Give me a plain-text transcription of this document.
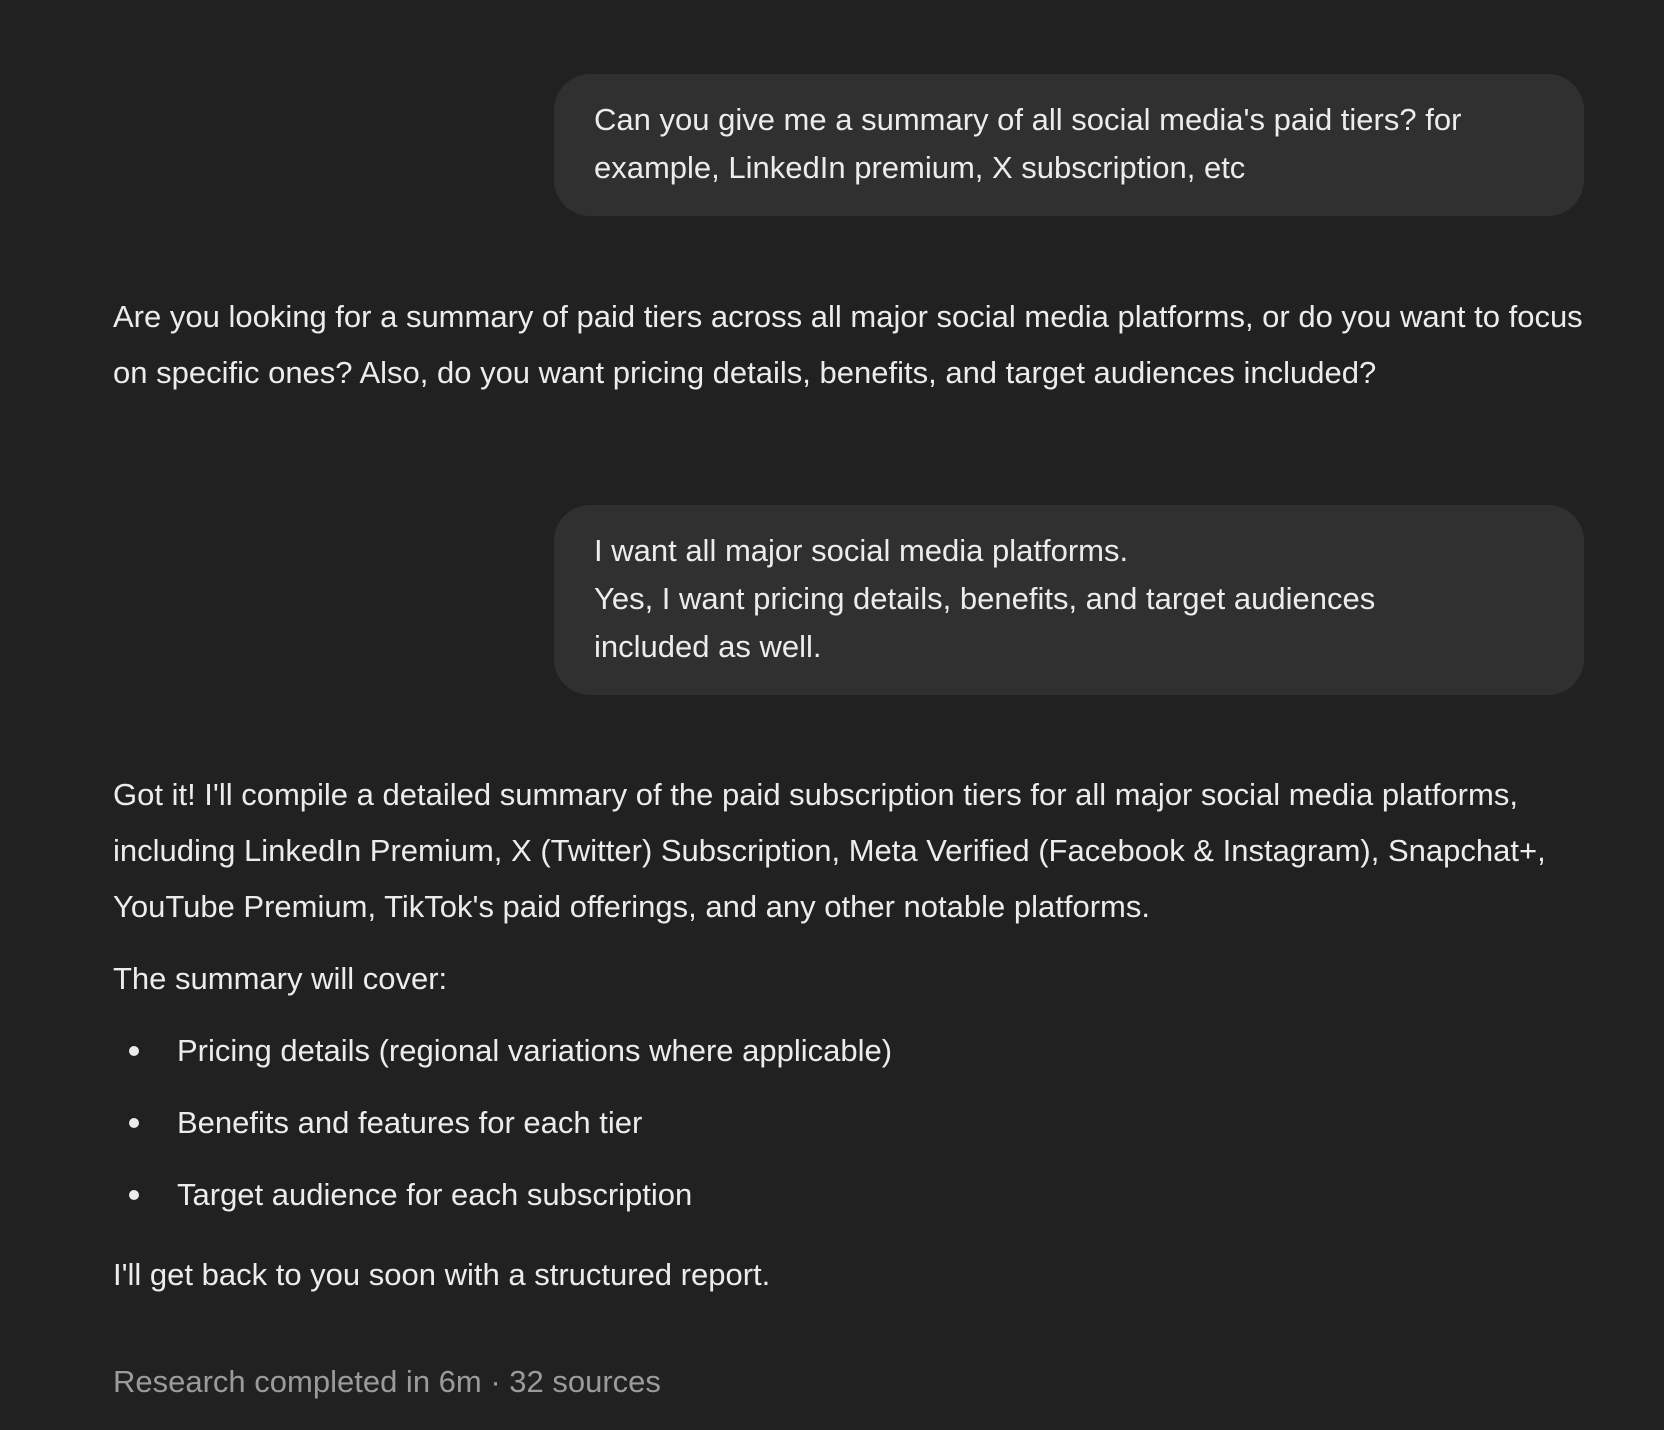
Can you give me a summary of all social media's paid tiers? for
example, LinkedIn premium, X subscription, etc

Are you looking for a summary of paid tiers across all major social media platforms, or do you want to focus on specific ones? Also, do you want pricing details, benefits, and target audiences included?

I want all major social media platforms.
Yes, I want pricing details, benefits, and target audiences
included as well.

Got it! I'll compile a detailed summary of the paid subscription tiers for all major social media platforms, including LinkedIn Premium, X (Twitter) Subscription, Meta Verified (Facebook & Instagram), Snapchat+, YouTube Premium, TikTok's paid offerings, and any other notable platforms.

The summary will cover:

Pricing details (regional variations where applicable)
Benefits and features for each tier
Target audience for each subscription

I'll get back to you soon with a structured report.

Research completed in 6m · 32 sources
